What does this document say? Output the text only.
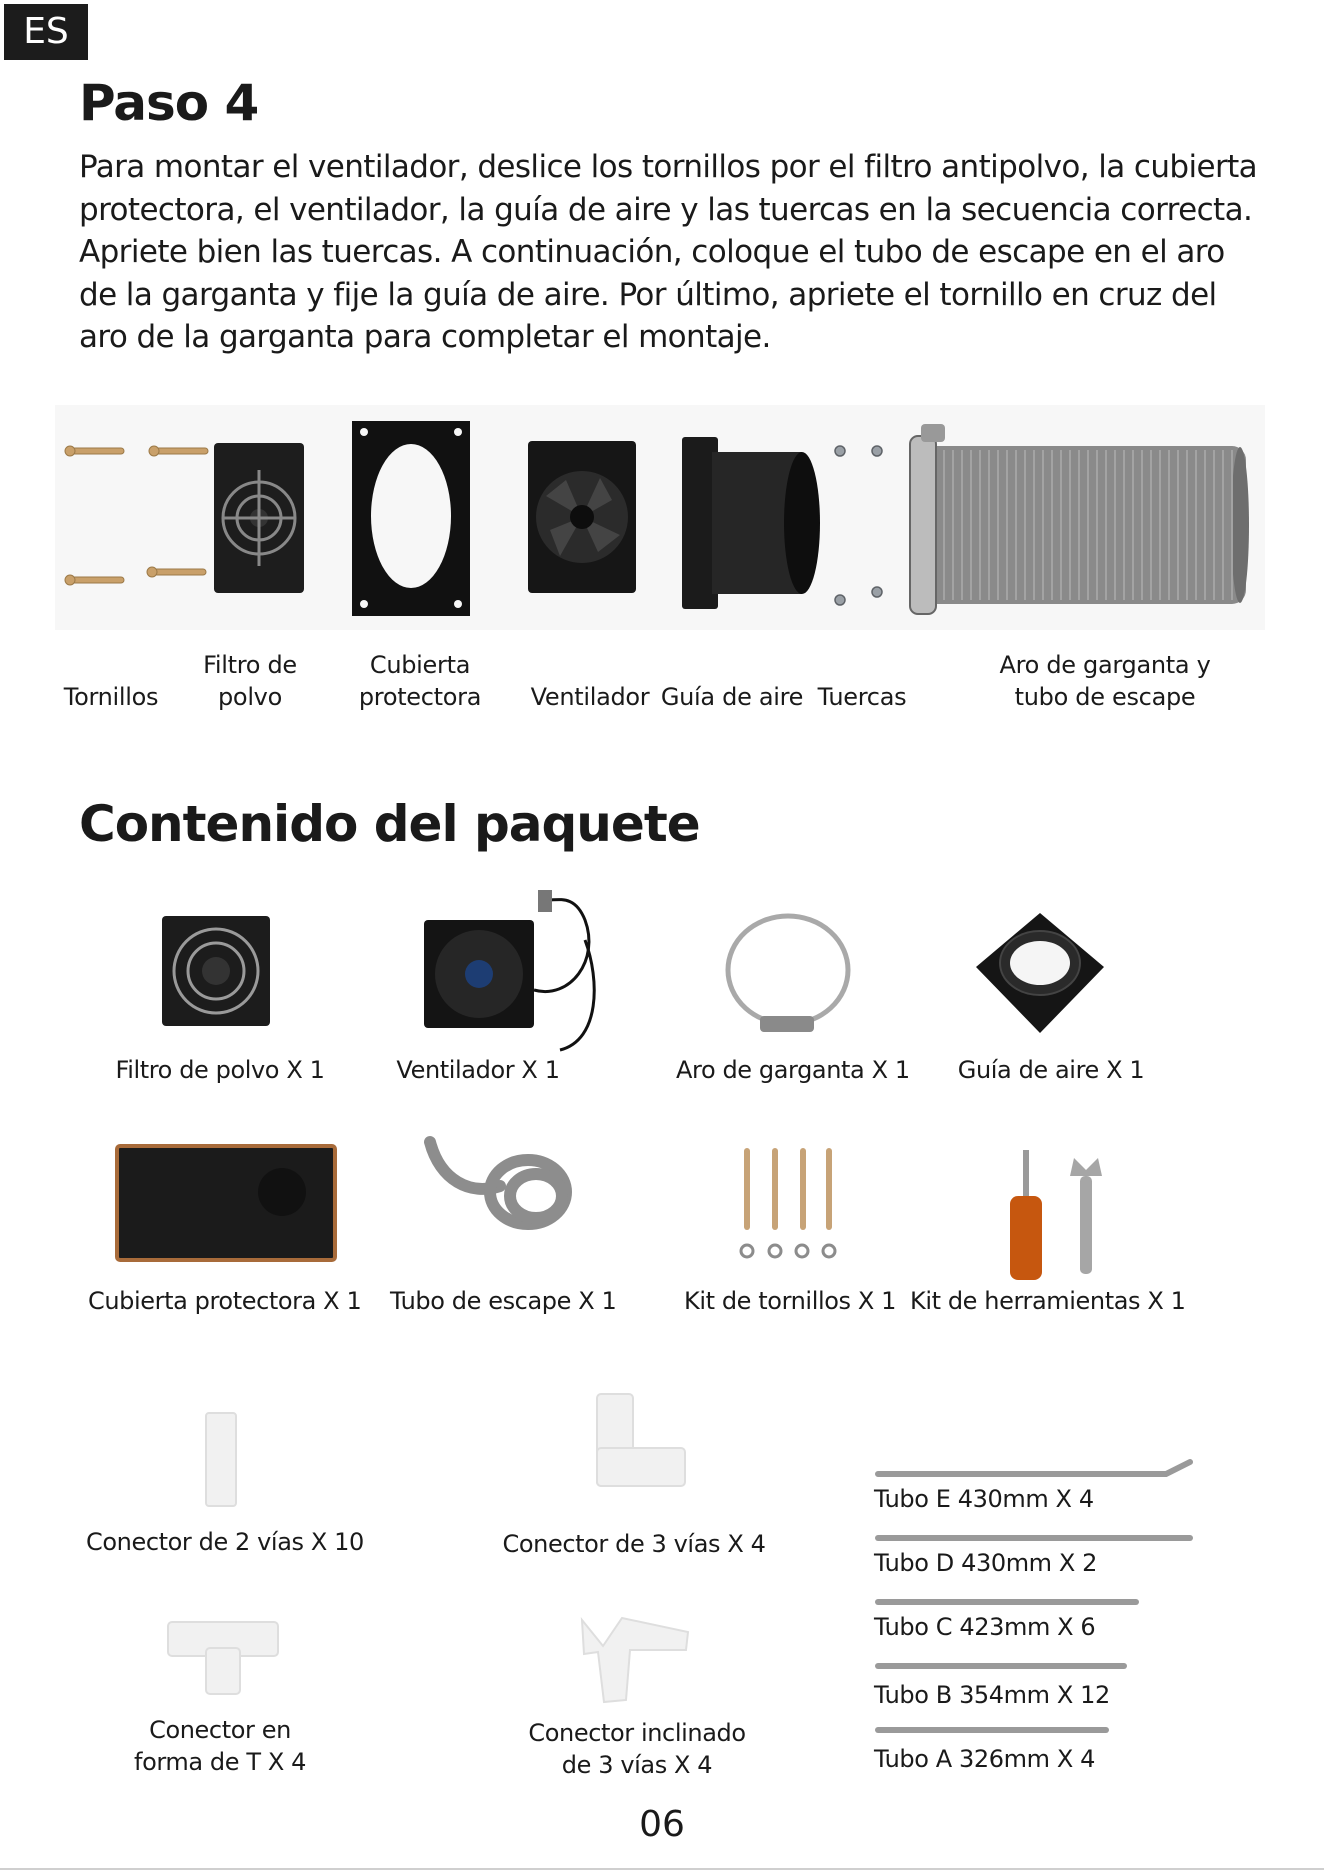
ES
Paso 4
Para montar el ventilador, deslice los tornillos por el filtro antipolvo, la cubierta
protectora, el ventilador, la guía de aire y las tuercas en la secuencia correcta.
Apriete bien las tuercas. A continuación, coloque el tubo de escape en el aro
de la garganta y fije la guía de aire. Por último, apriete el tornillo en cruz del
aro de la garganta para completar el montaje.
Tornillos
Filtro de
polvo
Cubierta
protectora	Ventilador Guía de aire Tuercas
Aro de garganta y
tubo de escape
Contenido del paquete
Filtro de polvo X 1	Ventilador X 1	Aro de garganta X 1 Guía de aire X 1
Cubierta protectora X 1 Tubo de escape X 1	Kit de tornillos X 1 Kit de herramientas X 1
Conector de 2 vías X 10	Conector de 3 vías X 4
Conector en
forma de T X 4
Conector inclinado
de 3 vías X 4
Tubo E 430mm X 4
Tubo D 430mm X 2
Tubo C 423mm X 6
Tubo B 354mm X 12
Tubo A 326mm X 4
06
